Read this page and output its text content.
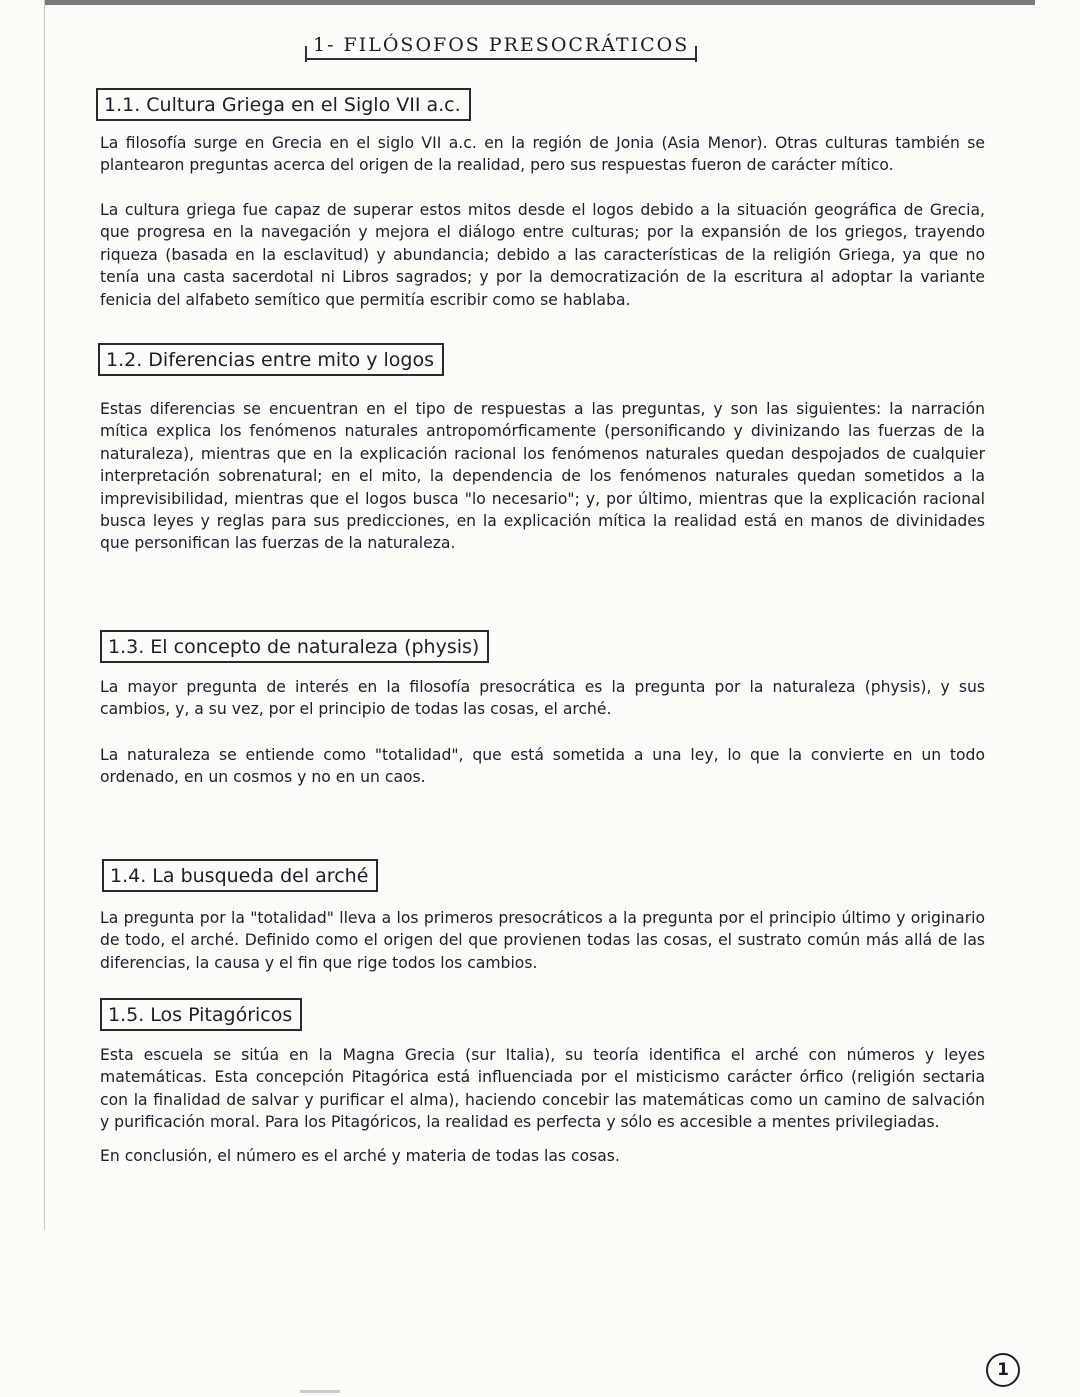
1- FILÓSOFOS PRESOCRÁTICOS
1.1. Cultura Griega en el Siglo VII a.c.
La filosofía surge en Grecia en el siglo VII a.c. en la región de Jonia (Asia Menor). Otras culturas también se plantearon preguntas acerca del origen de la realidad, pero sus respuestas fueron de carácter mítico.
La cultura griega fue capaz de superar estos mitos desde el logos debido a la situación geográfica de Grecia, que progresa en la navegación y mejora el diálogo entre culturas; por la expansión de los griegos, trayendo riqueza (basada en la esclavitud) y abundancia; debido a las características de la religión Griega, ya que no tenía una casta sacerdotal ni Libros sagrados; y por la democratización de la escritura al adoptar la variante fenicia del alfabeto semítico que permitía escribir como se hablaba.
1.2. Diferencias entre mito y logos
Estas diferencias se encuentran en el tipo de respuestas a las preguntas, y son las siguientes: la narración mítica explica los fenómenos naturales antropomórficamente (personificando y divinizando las fuerzas de la naturaleza), mientras que en la explicación racional los fenómenos naturales quedan despojados de cualquier interpretación sobrenatural; en el mito, la dependencia de los fenómenos naturales quedan sometidos a la imprevisibilidad, mientras que el logos busca "lo necesario"; y, por último, mientras que la explicación racional busca leyes y reglas para sus predicciones, en la explicación mítica la realidad está en manos de divinidades que personifican las fuerzas de la naturaleza.
1.3. El concepto de naturaleza (physis)
La mayor pregunta de interés en la filosofía presocrática es la pregunta por la naturaleza (physis), y sus cambios, y, a su vez, por el principio de todas las cosas, el arché.
La naturaleza se entiende como "totalidad", que está sometida a una ley, lo que la convierte en un todo ordenado, en un cosmos y no en un caos.
1.4. La busqueda del arché
La pregunta por la "totalidad" lleva a los primeros presocráticos a la pregunta por el principio último y originario de todo, el arché. Definido como el origen del que provienen todas las cosas, el sustrato común más allá de las diferencias, la causa y el fin que rige todos los cambios.
1.5. Los Pitagóricos
Esta escuela se sitúa en la Magna Grecia (sur Italia), su teoría identifica el arché con números y leyes matemáticas. Esta concepción Pitagórica está influenciada por el misticismo carácter órfico (religión sectaria con la finalidad de salvar y purificar el alma), haciendo concebir las matemáticas como un camino de salvación y purificación moral. Para los Pitagóricos, la realidad es perfecta y sólo es accesible a mentes privilegiadas.
En conclusión, el número es el arché y materia de todas las cosas.
1
